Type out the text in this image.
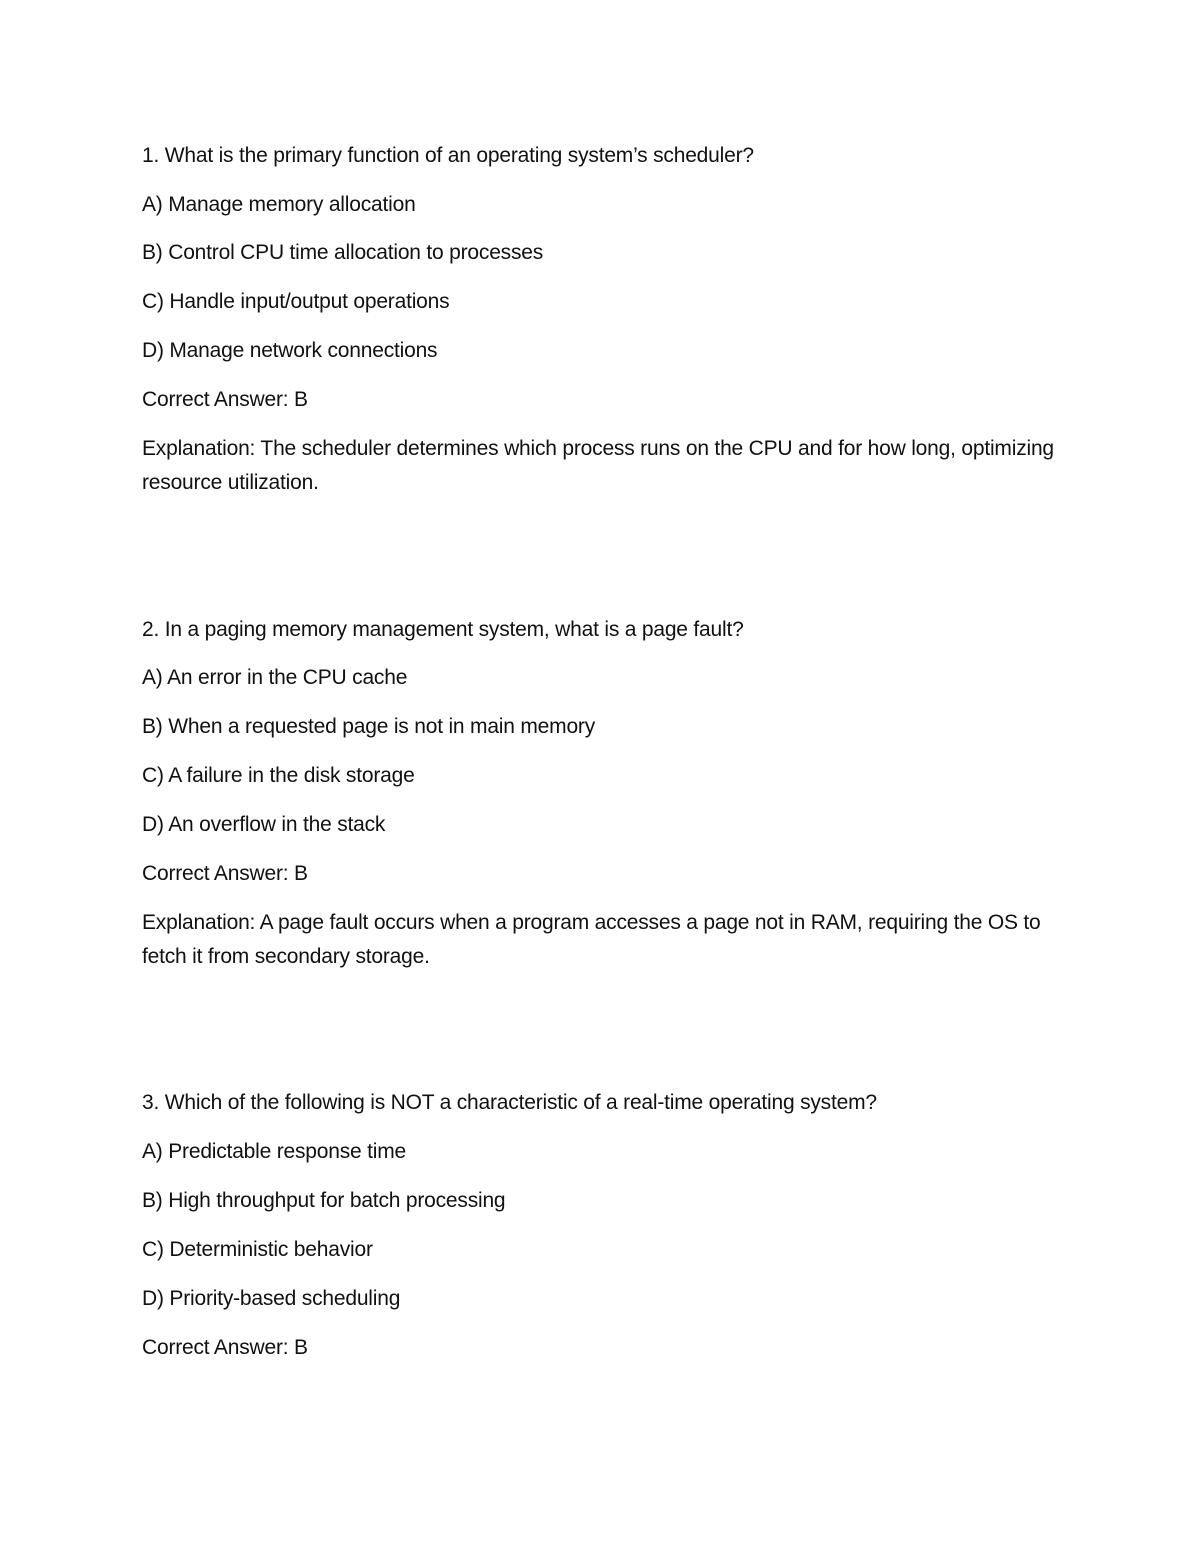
1. What is the primary function of an operating system’s scheduler?
A) Manage memory allocation
B) Control CPU time allocation to processes
C) Handle input/output operations
D) Manage network connections
Correct Answer: B
Explanation: The scheduler determines which process runs on the CPU and for how long, optimizing resource utilization.
2. In a paging memory management system, what is a page fault?
A) An error in the CPU cache
B) When a requested page is not in main memory
C) A failure in the disk storage
D) An overflow in the stack
Correct Answer: B
Explanation: A page fault occurs when a program accesses a page not in RAM, requiring the OS to fetch it from secondary storage.
3. Which of the following is NOT a characteristic of a real-time operating system?
A) Predictable response time
B) High throughput for batch processing
C) Deterministic behavior
D) Priority-based scheduling
Correct Answer: B
